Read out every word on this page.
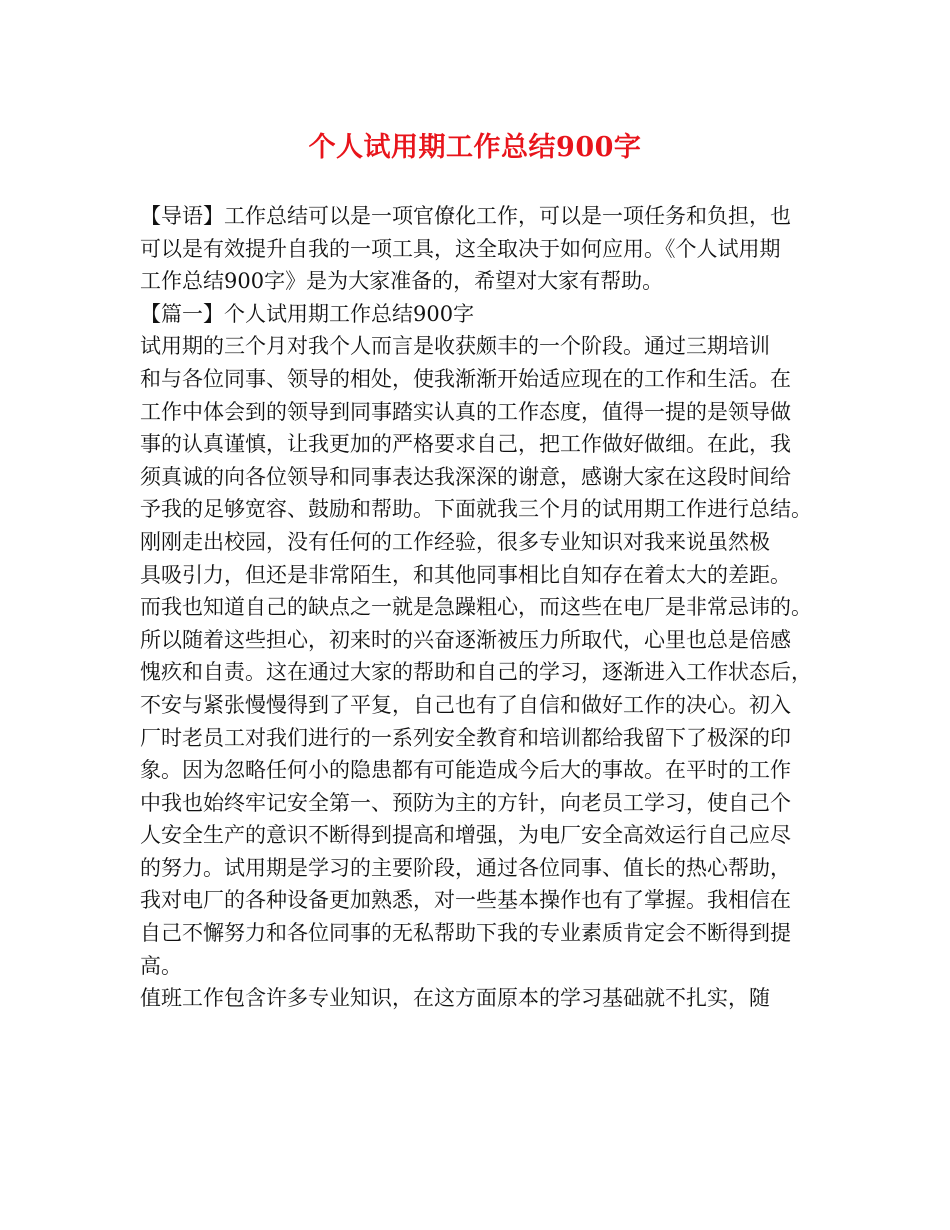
个人试用期工作总结900字
【导语】工作总结可以是一项官僚化工作，可以是一项任务和负担，也
可以是有效提升自我的一项工具，这全取决于如何应用。《个人试用期
工作总结900字》是为大家准备的，希望对大家有帮助。
【篇一】个人试用期工作总结900字
试用期的三个月对我个人而言是收获颇丰的一个阶段。通过三期培训
和与各位同事、领导的相处，使我渐渐开始适应现在的工作和生活。在
工作中体会到的领导到同事踏实认真的工作态度，值得一提的是领导做
事的认真谨慎，让我更加的严格要求自己，把工作做好做细。在此，我
须真诚的向各位领导和同事表达我深深的谢意，感谢大家在这段时间给
予我的足够宽容、鼓励和帮助。下面就我三个月的试用期工作进行总结。
刚刚走出校园，没有任何的工作经验，很多专业知识对我来说虽然极
具吸引力，但还是非常陌生，和其他同事相比自知存在着太大的差距。
而我也知道自己的缺点之一就是急躁粗心，而这些在电厂是非常忌讳的。
所以随着这些担心，初来时的兴奋逐渐被压力所取代，心里也总是倍感
愧疚和自责。这在通过大家的帮助和自己的学习，逐渐进入工作状态后，
不安与紧张慢慢得到了平复，自己也有了自信和做好工作的决心。初入
厂时老员工对我们进行的一系列安全教育和培训都给我留下了极深的印
象。因为忽略任何小的隐患都有可能造成今后大的事故。在平时的工作
中我也始终牢记安全第一、预防为主的方针，向老员工学习，使自己个
人安全生产的意识不断得到提高和增强，为电厂安全高效运行自己应尽
的努力。试用期是学习的主要阶段，通过各位同事、值长的热心帮助，
我对电厂的各种设备更加熟悉，对一些基本操作也有了掌握。我相信在
自己不懈努力和各位同事的无私帮助下我的专业素质肯定会不断得到提
高。
值班工作包含许多专业知识，在这方面原本的学习基础就不扎实，随
